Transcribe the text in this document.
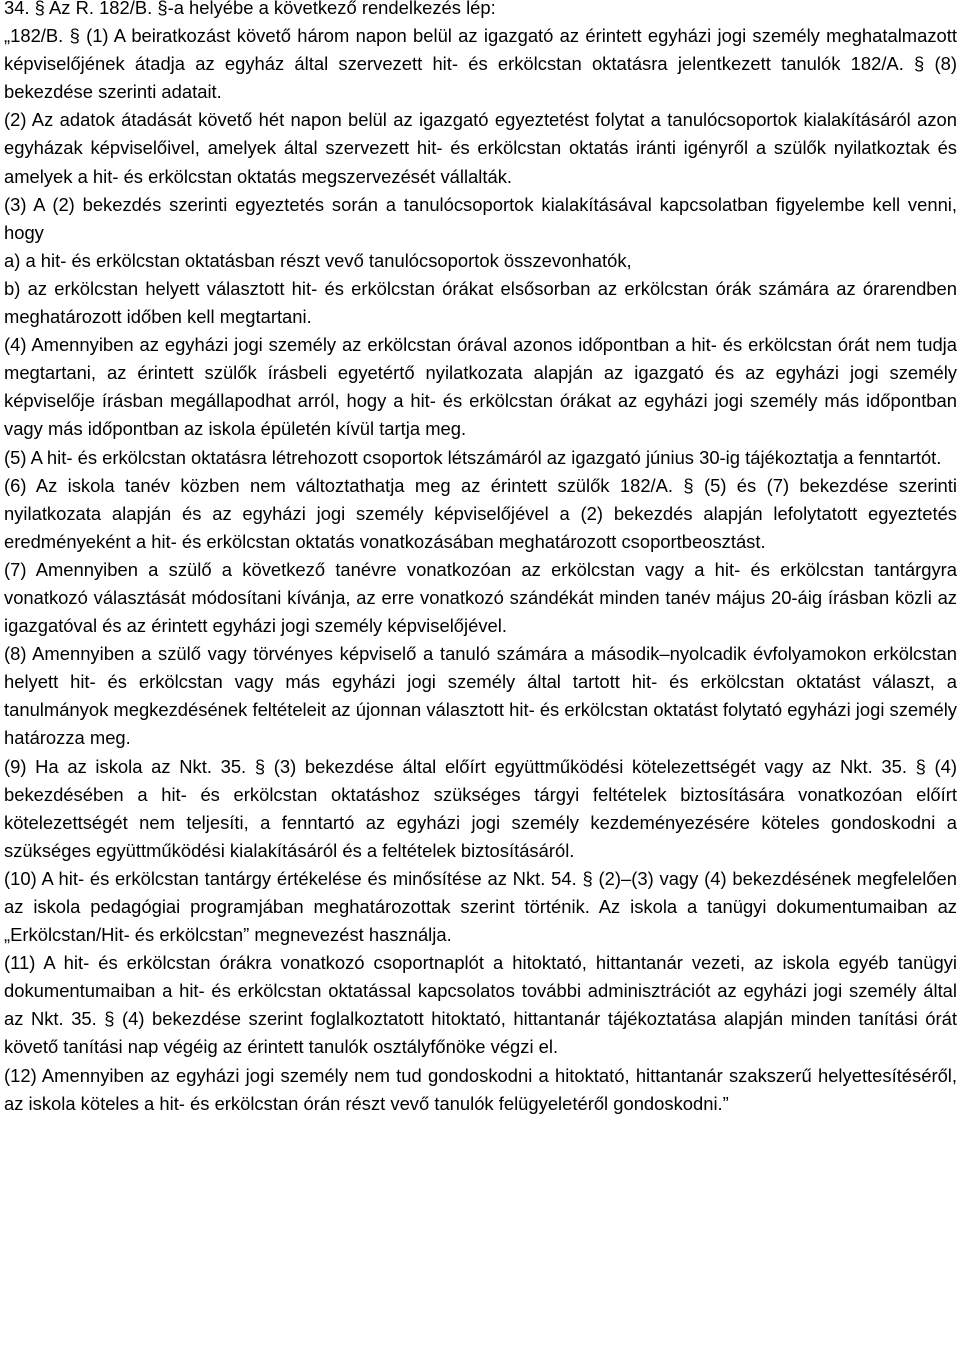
34. § Az R. 182/B. §-a helyébe a következő rendelkezés lép:

„182/B. § (1) A beiratkozást követő három napon belül az igazgató az érintett egyházi jogi személy meghatalmazott képviselőjének átadja az egyház által szervezett hit- és erkölcstan oktatásra jelentkezett tanulók 182/A. § (8) bekezdése szerinti adatait.

(2) Az adatok átadását követő hét napon belül az igazgató egyeztetést folytat a tanulócsoportok kialakításáról azon egyházak képviselőivel, amelyek által szervezett hit- és erkölcstan oktatás iránti igényről a szülők nyilatkoztak és amelyek a hit- és erkölcstan oktatás megszervezését vállalták.

(3) A (2) bekezdés szerinti egyeztetés során a tanulócsoportok kialakításával kapcsolatban figyelembe kell venni, hogy

a) a hit- és erkölcstan oktatásban részt vevő tanulócsoportok összevonhatók,

b) az erkölcstan helyett választott hit- és erkölcstan órákat elsősorban az erkölcstan órák számára az órarendben meghatározott időben kell megtartani.

(4) Amennyiben az egyházi jogi személy az erkölcstan órával azonos időpontban a hit- és erkölcstan órát nem tudja megtartani, az érintett szülők írásbeli egyetértő nyilatkozata alapján az igazgató és az egyházi jogi személy képviselője írásban megállapodhat arról, hogy a hit- és erkölcstan órákat az egyházi jogi személy más időpontban vagy más időpontban az iskola épületén kívül tartja meg.

(5) A hit- és erkölcstan oktatásra létrehozott csoportok létszámáról az igazgató június 30-ig tájékoztatja a fenntartót.

(6) Az iskola tanév közben nem változtathatja meg az érintett szülők 182/A. § (5) és (7) bekezdése szerinti nyilatkozata alapján és az egyházi jogi személy képviselőjével a (2) bekezdés alapján lefolytatott egyeztetés eredményeként a hit- és erkölcstan oktatás vonatkozásában meghatározott csoportbeosztást.

(7) Amennyiben a szülő a következő tanévre vonatkozóan az erkölcstan vagy a hit- és erkölcstan tantárgyra vonatkozó választását módosítani kívánja, az erre vonatkozó szándékát minden tanév május 20-áig írásban közli az igazgatóval és az érintett egyházi jogi személy képviselőjével.

(8) Amennyiben a szülő vagy törvényes képviselő a tanuló számára a második–nyolcadik évfolyamokon erkölcstan helyett hit- és erkölcstan vagy más egyházi jogi személy által tartott hit- és erkölcstan oktatást választ, a tanulmányok megkezdésének feltételeit az újonnan választott hit- és erkölcstan oktatást folytató egyházi jogi személy határozza meg.

(9) Ha az iskola az Nkt. 35. § (3) bekezdése által előírt együttműködési kötelezettségét vagy az Nkt. 35. § (4) bekezdésében a hit- és erkölcstan oktatáshoz szükséges tárgyi feltételek biztosítására vonatkozóan előírt kötelezettségét nem teljesíti, a fenntartó az egyházi jogi személy kezdeményezésére köteles gondoskodni a szükséges együttműködési kialakításáról és a feltételek biztosításáról.

(10) A hit- és erkölcstan tantárgy értékelése és minősítése az Nkt. 54. § (2)–(3) vagy (4) bekezdésének megfelelően az iskola pedagógiai programjában meghatározottak szerint történik. Az iskola a tanügyi dokumentumaiban az „Erkölcstan/Hit- és erkölcstan” megnevezést használja.

(11) A hit- és erkölcstan órákra vonatkozó csoportnaplót a hitoktató, hittantanár vezeti, az iskola egyéb tanügyi dokumentumaiban a hit- és erkölcstan oktatással kapcsolatos további adminisztrációt az egyházi jogi személy által az Nkt. 35. § (4) bekezdése szerint foglalkoztatott hitoktató, hittantanár tájékoztatása alapján minden tanítási órát követő tanítási nap végéig az érintett tanulók osztályfőnöke végzi el.

(12) Amennyiben az egyházi jogi személy nem tud gondoskodni a hitoktató, hittantanár szakszerű helyettesítéséről, az iskola köteles a hit- és erkölcstan órán részt vevő tanulók felügyeletéről gondoskodni.”
